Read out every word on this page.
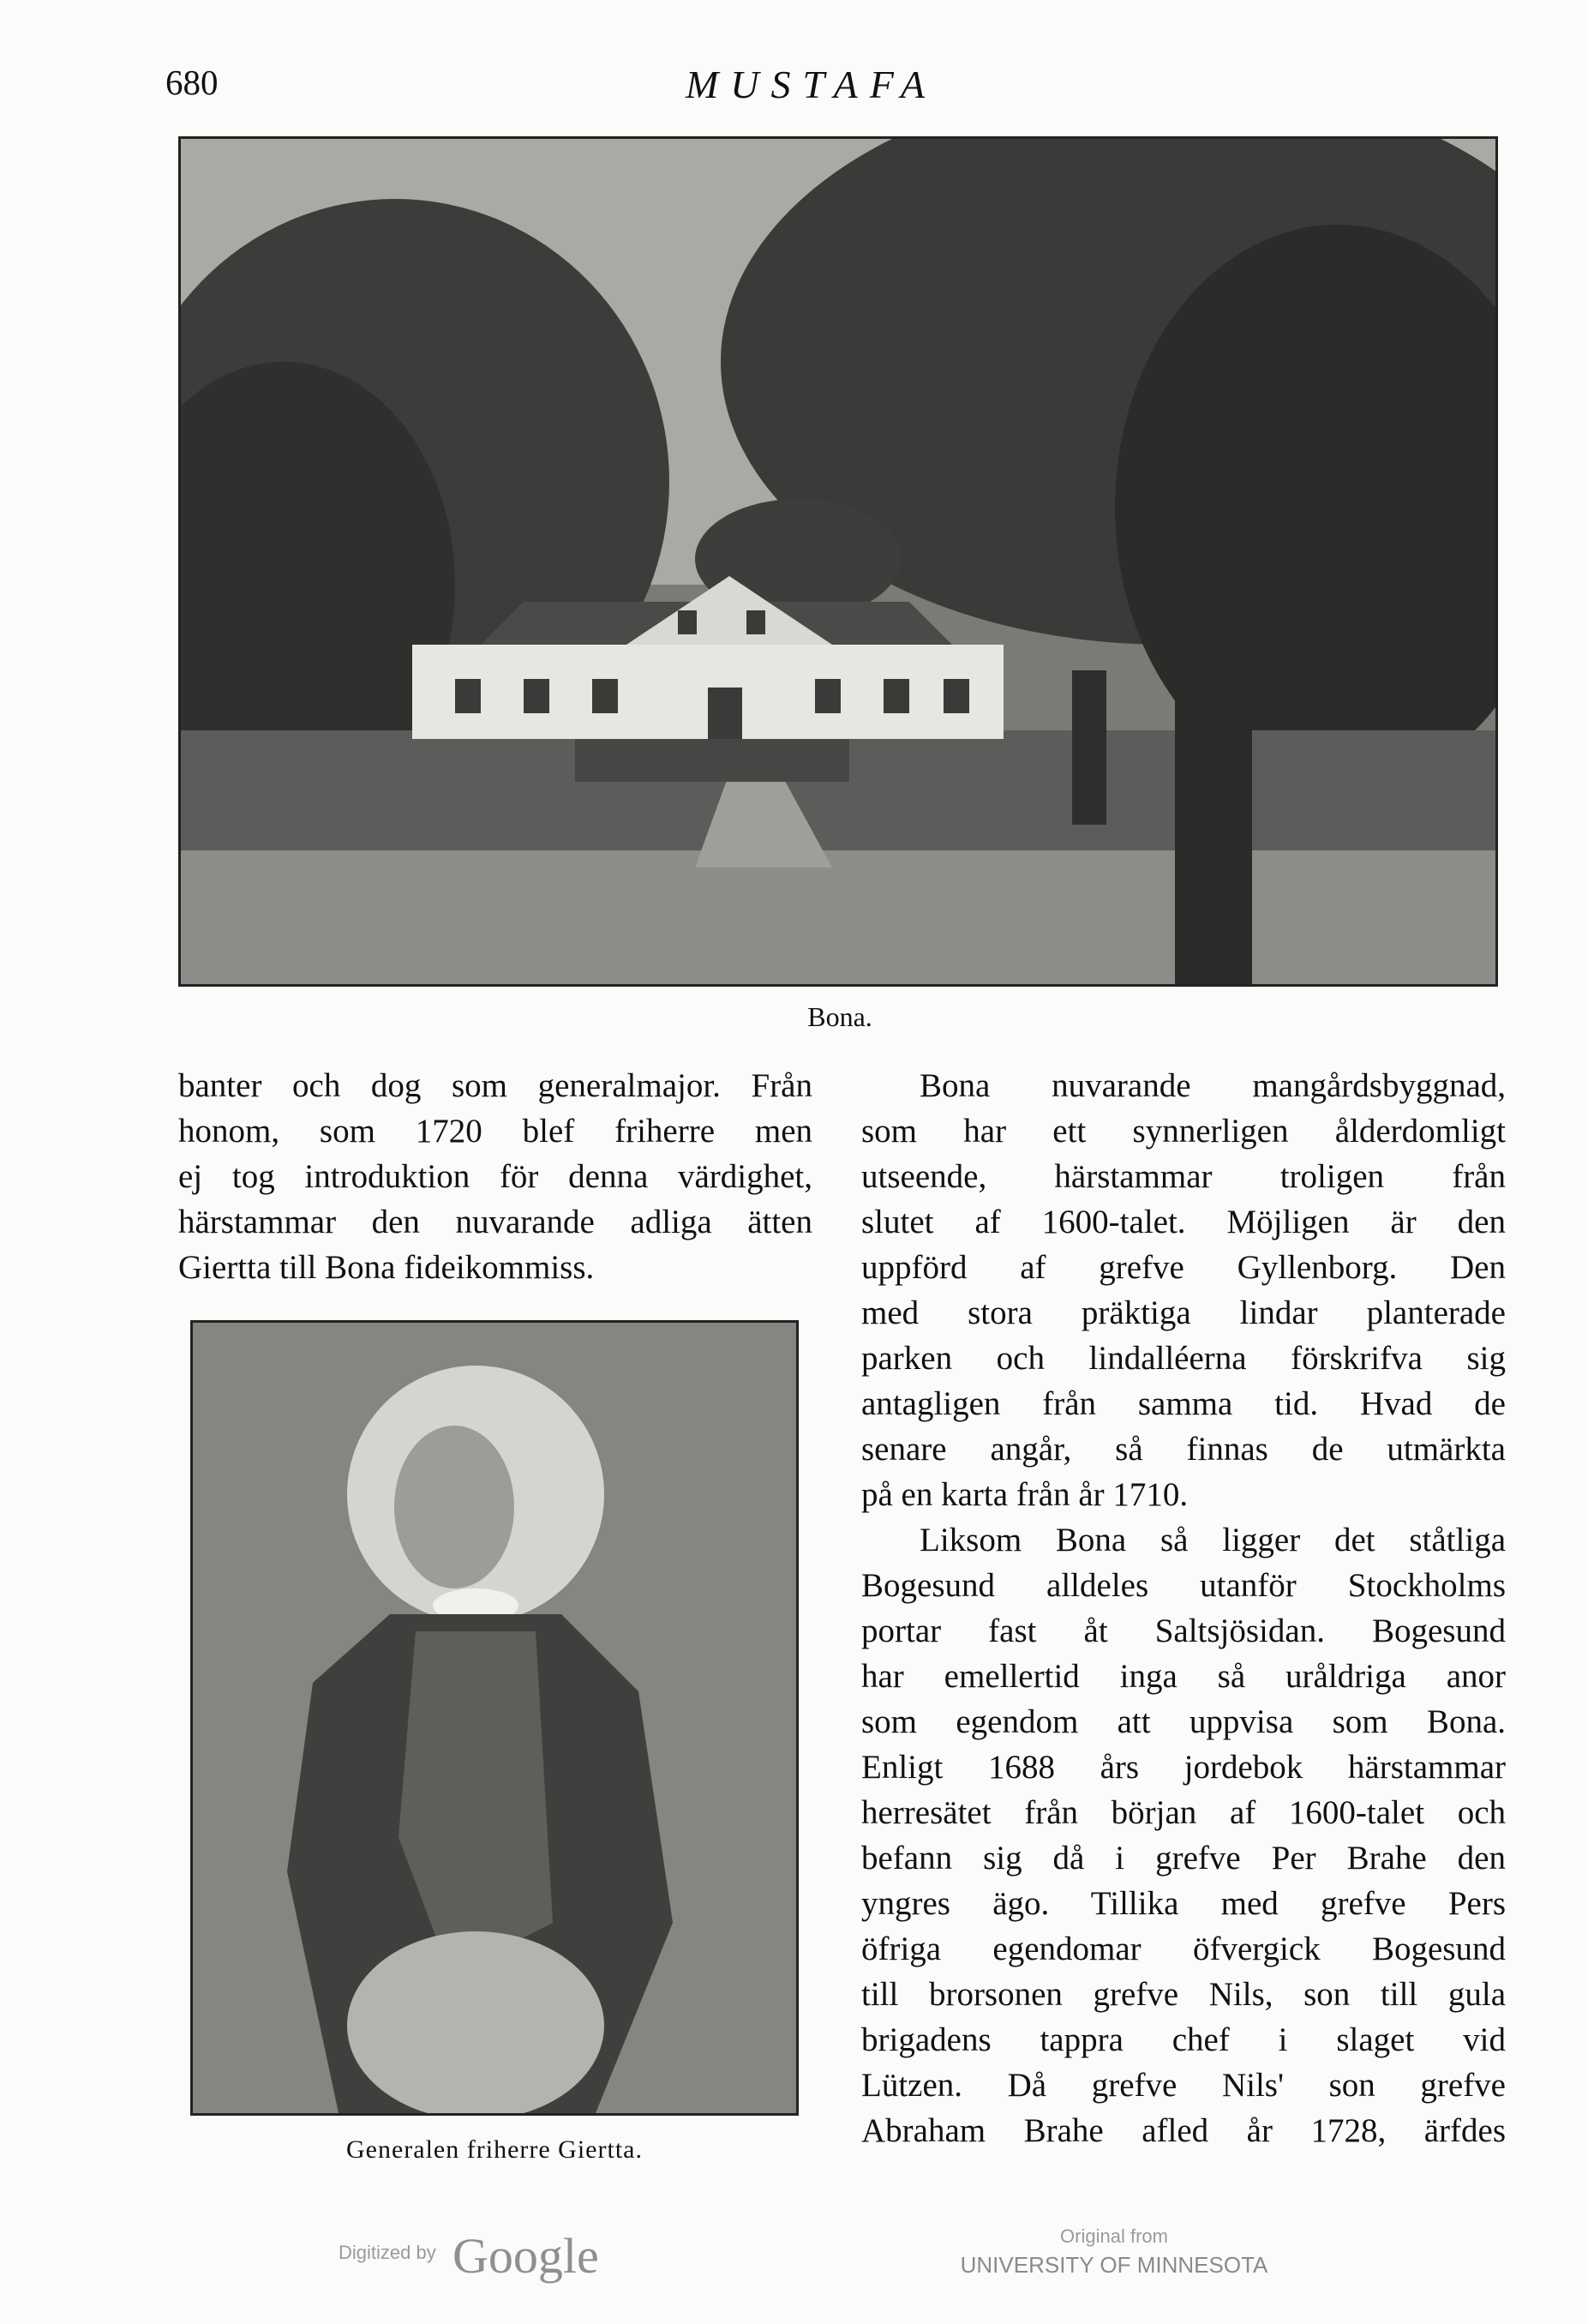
680	MUSTAFA
Bona.

banter och dog som generalmajor. Från

honom, som 1720 blef friherre men

ej tog introduktion för denna värdighet,

härstammar den nuvarande adliga ätten

Giertta till Bona fideikommiss.

Generalen friherre Giertta.

Bona nuvarande mangårdsbyggnad,

som har ett synnerligen ålderdomligt

utseende, härstammar troligen från

slutet af 1600-talet. Möjligen är den

uppförd af grefve Gyllenborg. Den

med stora präktiga lindar planterade

parken och lindalléerna förskrifva sig

antagligen från samma tid. Hvad de

senare angår, så finnas de utmärkta

på en karta från år 1710.

Liksom Bona så ligger det ståtliga

Bogesund alldeles utanför Stockholms

portar fast åt Saltsjösidan. Bogesund

har emellertid inga så uråldriga anor

som egendom att uppvisa som Bona.

Enligt 1688 års jordebok härstammar

herresätet från början af 1600-talet och

befann sig då i grefve Per Brahe den

yngres ägo. Tillika med grefve Pers

öfriga egendomar öfvergick Bogesund

till brorsonen grefve Nils, son till gula

brigadens tappra chef i slaget vid

Lützen. Då grefve Nils' son grefve

Abraham Brahe afled år 1728, ärfdes

Digitized by Google	Original from
UNIVERSITY OF MINNESOTA
